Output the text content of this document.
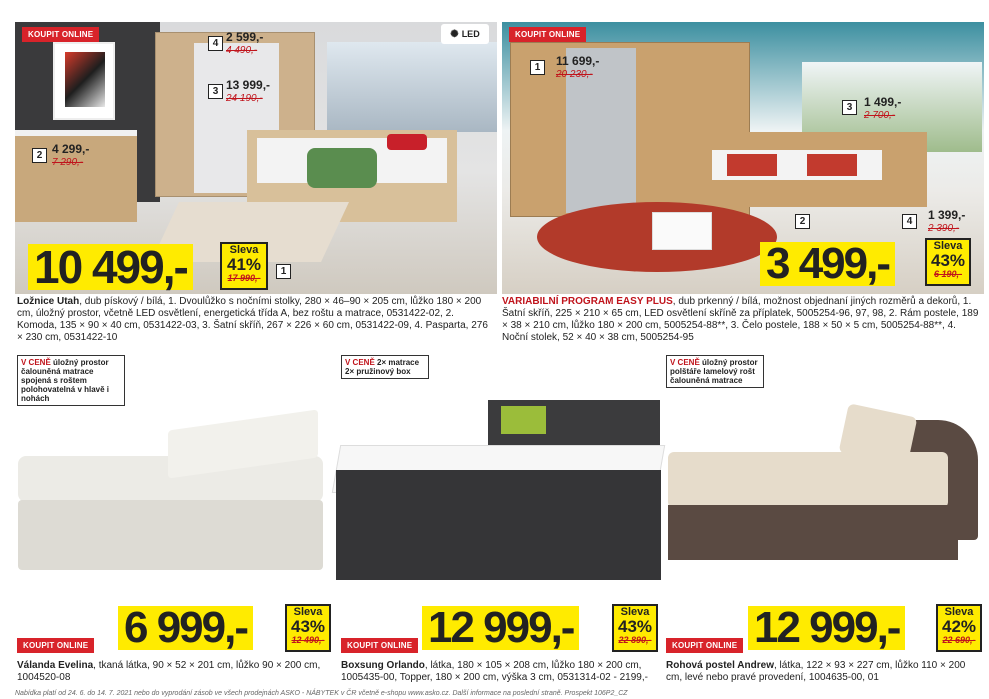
KOUPIT ONLINE	✺ LED
4 2 599,-
4 490,-
3 13 999,-
24 190,-
2 4 299,-
7 290,-
10 499,-	Sleva
41%
17 990,-
1
Ložnice Utah, dub pískový / bílá, 1. Dvoulůžko s nočními stolky, 280 × 46–90 × 205 cm, lůžko 180 × 200 cm, úložný prostor, včetně LED osvětlení, energetická třída A, bez roštu a matrace, 0531422-02, 2. Komoda, 135 × 90 × 40 cm, 0531422-03, 3. Šatní skříň, 267 × 226 × 60 cm, 0531422-09, 4. Pasparta, 276 × 230 cm, 0531422-10
KOUPIT ONLINE
1	11 699,-
20 230,-
3 1 499,-
2 700,-
2	4	1 399,-
2 390,-
3 499,-	Sleva
43%
6 190,-
VARIABILNÍ PROGRAM EASY PLUS, dub prkenný / bílá, možnost objednaní jiných rozměrů a dekorů, 1. Šatní skříň, 225 × 210 × 65 cm, LED osvětlení skříně za příplatek, 5005254-96, 97, 98, 2. Rám postele, 189 × 38 × 210 cm, lůžko 180 × 200 cm, 5005254-88**, 3. Čelo postele, 188 × 50 × 5 cm, 5005254-88**, 4. Noční stolek, 52 × 40 × 38 cm, 5005254-95
V CENĚ úložný prostor čalouněná matrace spojená s roštem polohovatelná v hlavě i nohách
KOUPIT ONLINE 6 999,-	Sleva
43%
12 490,-
Válanda Evelina, tkaná látka, 90 × 52 × 201 cm, lůžko 90 × 200 cm, 1004520-08
V CENĚ 2× matrace 2× pružinový box
KOUPIT ONLINE 12 999,-	Sleva
43%
22 890,-
Boxsung Orlando, látka, 180 × 105 × 208 cm, lůžko 180 × 200 cm, 1005435-00, Topper, 180 × 200 cm, výška 3 cm, 0531314-02 - 2199,-
V CENĚ úložný prostor polštáře lamelový rošt čalouněná matrace
KOUPIT ONLINE 12 999,-	Sleva
42%
22 690,-
Rohová postel Andrew, látka, 122 × 93 × 227 cm, lůžko 110 × 200 cm, levé nebo pravé provedení, 1004635-00, 01
Nabídka platí od 24. 6. do 14. 7. 2021 nebo do vyprodání zásob ve všech prodejnách ASKO - NÁBYTEK v ČR včetně e-shopu www.asko.cz. Další informace na poslední straně. Prospekt 106P2_CZ
